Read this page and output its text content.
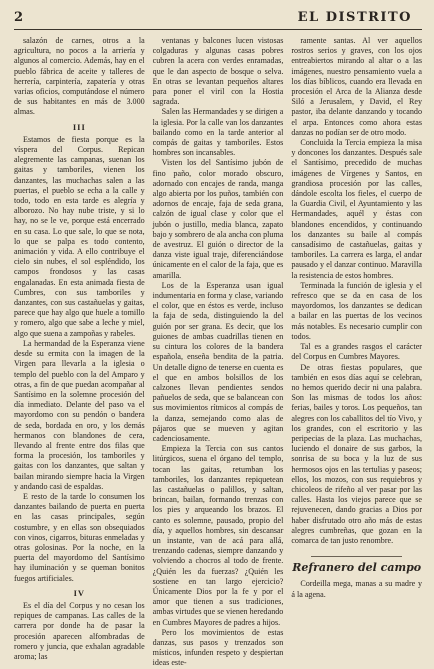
2	EL DISTRITO

salazón de carnes, otros a la agricultura, no pocos a la arriería y algunos al comercio. Además, hay en el pueblo fábrica de aceite y talleres de herrería, carpintería, zapatería y otras varias oficios, computándose el número de sus habitantes en más de 3.000 almas.

III

Estamos de fiesta porque es la víspera del Corpus. Repican alegremente las campanas, suenan los gaitas y tamboriles, vienen los danzantes, las muchachas salen a las puertas, el pueblo se echa a la calle y todo, todo en esta tarde es alegría y alborozo. No hay nube triste, y si lo hay, no se le ve, porque está encerrado en su casa. Lo que sale, lo que se nota, lo que se palpa es todo contento, animación y vida. A ello contribuye el cielo sin nubes, el sol espléndido, los campos frondosos y las casas engalanadas. En esta animada fiesta de Cumbres, con sus tamboriles y danzantes, con sus castañuelas y gaitas, parece que hay algo que huele a tomillo y romero, algo que sabe a leche y miel, algo que suena a zampoñas y rabeles.

La hermandad de la Esperanza viene desde su ermita con la imagen de la Virgen para llevarla a la iglesia o templo del pueblo con la del Amparo y otras, a fin de que puedan acompañar al Santísimo en la solemne procesión del día inmediato. Delante del paso va el mayordomo con su pendón o bandera de seda, bordada en oro, y los demás hermanos con blandones de cera, llevando al frente entre dos filas que forma la procesión, los tamboriles y gaitas con los danzantes, que saltan y bailan mirando siempre hacia la Virgen y andando casi de espaldas.

E resto de la tarde lo consumen los danzantes bailando de puerta en puerta en las casas principales, según costumbre, y en ellas son obsequiados con vinos, cigarros, bituras enmeladas y otras golosinas. Por la noche, en la puerta del mayordomo del Santísimo hay iluminación y se queman bonitos fuegos artificiales.

IV

Es el día del Corpus y no cesan los repiques de campanas. Las calles de la carrera por donde ha de pasar la procesión aparecen alfombradas de romero y juncia, que exhalan agradable aroma; las

ventanas y balcones lucen vistosas colgaduras y algunas casas pobres cubren la acera con verdes enramadas, que le dan aspecto de bosque o selva. En otras se levantan pequeños altares para poner el viril con la Hostia sagrada.

Salen las Hermandades y se dirigen a la iglesia. Por la calle van los danzantes bailando como en la tarde anterior al compás de gaitas y tamboriles. Estos hombres son incansables.

Visten los del Santísimo jubón de fino paño, color morado obscuro, adornado con encajes de randa, manga algo abierta por los puños, también con adornos de encaje, faja de seda grana, calzón de igual clase y color que el jubón o justillo, media blanca, zapato bajo y sombrero de ala ancha con pluma de avestruz. El guión o director de la danza viste igual traje, diferenciándose únicamente en el calor de la faja, que es amarilla.

Los de la Esperanza usan igual indumentaria en forma y clase, variando el color, que en éstos es verde, incluso la faja de seda, distinguiendo la del guión por ser grana. Es decir, que los guiones de ambas cuadrillas tienen en su cintura los colores de la bandera española, enseña bendita de la patria. Un detalle digno de tenerse en cuenta es el que en ambos bolsillos de los calzones llevan pendientes sendos pañuelos de seda, que se balancean con sus movimientos rítmicos al compás de la danza, semejando como alas de pájaros que se mueven y agitan cadenciosamente.

Empieza la Tercia con sus cantos litúrgicos, suena el órgano del templo, tocan las gaitas, retumban los tamboriles, los danzantes repiquetean las castañuelas o palillos, y saltan, brincan, bailan, formando trenzas con los pies y arqueando los brazos. El canto es solemne, pausado, propio del día, y aquellos hombres, sin descansar un instante, van de acá para allá, trenzando cadenas, siempre danzando y volviendo a chocros al todo de frente. ¿Quién les da fuerzas? ¿Quién les sostiene en tan largo ejercicio? Únicamente Dios por la fe y por el amor que tienen a sus tradiciones, ambas virtudes que se vienen heredando en Cumbres Mayores de padres a hijos.

Pero los movimientos de estas danzas, sus pasos y trenzados son místicos, infunden respeto y despiertan ideas este-

ramente santas. Al ver aquellos rostros serios y graves, con los ojos entreabiertos mirando al altar o a las imágenes, nuestro pensamiento vuela a los días bíblicos, cuando era llevada en procesión el Arca de la Alianza desde Siló a Jerusalem, y David, el Rey pastor, iba delante danzando y tocando el arpa. Entonces como ahora estas danzas no podían ser de otro modo.

Concluida la Tercia empieza la misa y doncones los danzantes. Después sale el Santísimo, precedido de muchas imágenes de Vírgenes y Santos, en grandiosa procesión por las calles, dándole escolta los fieles, el cuerpo de la Guardia Civil, el Ayuntamiento y las Hermandades, aquél y éstas con blandones encendidos, y continuando los danzantes su baile al compás cansadísimo de castañuelas, gaitas y tamboriles. La carrera es larga, el andar pausado y el danzar continuo. Maravilla la resistencia de estos hombres.

Terminada la función de iglesia y el refresco que se da en casa de los mayordomos, los danzantes se dedican a bailar en las puertas de los vecinos más notables. Es necesario cumplir con todos.

Tal es a grandes rasgos el carácter del Corpus en Cumbres Mayores.

De otras fiestas populares, que también en esos días aquí se celebran, no hemos querido decir ni una palabra. Son las mismas de todos los años: ferias, bailes y toros. Los pequeños, tan alegres con los caballitos del tío Vivo, y los grandes, con el escritorio y las peripecias de la plaza. Las muchachas, luciendo el donaire de sus garbos, la sonrisa de su boca y la luz de sus hermosos ojos en las tertulias y paseos; ellos, los mozos, con sus requiebros y chicoleos de rifeño al ver pasar por las calles. Hasta los viejos parece que se rejuvenecen, dando gracias a Dios por haber disfrutado otro año más de estas alegres cumbreñas, que gozan en la comarca de tan justo renombre.

Refranero del campo

Cordeilla mega, manas a su madre y á la agena.
